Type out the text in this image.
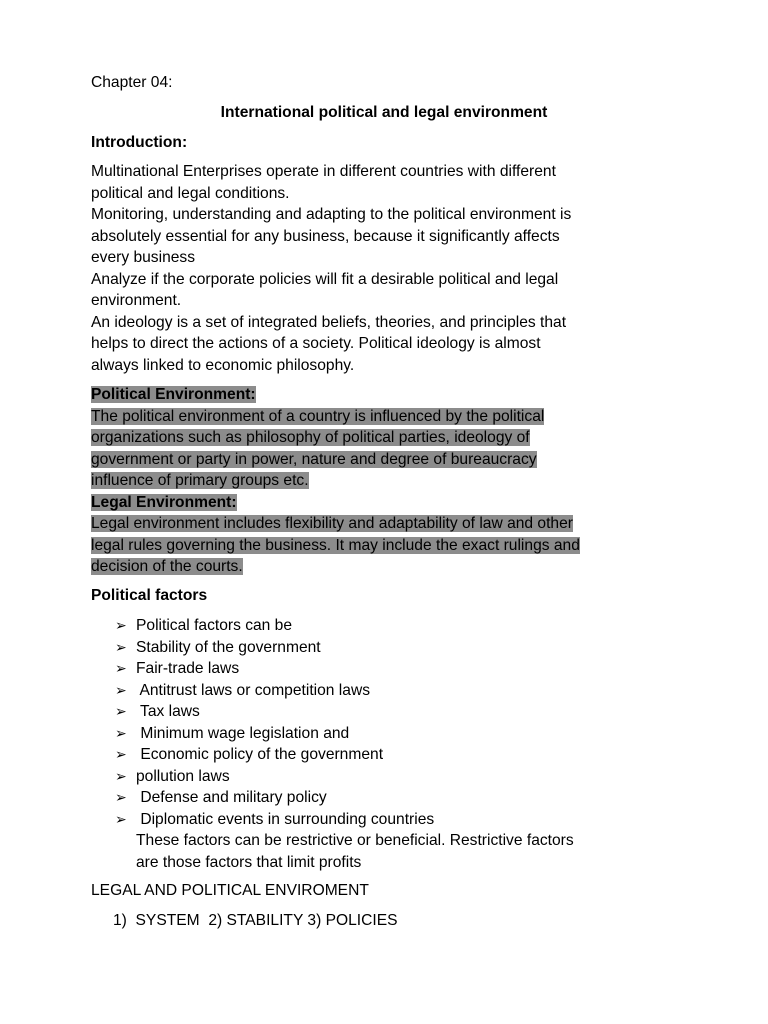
Chapter 04:
International political and legal environment
Introduction:
Multinational Enterprises operate in different countries with different
political and legal conditions.
Monitoring, understanding and adapting to the political environment is
absolutely essential for any business, because it significantly affects
every business
Analyze if the corporate policies will fit a desirable political and legal
environment.
An ideology is a set of integrated beliefs, theories, and principles that
helps to direct the actions of a society. Political ideology is almost
always linked to economic philosophy.
Political Environment:
The political environment of a country is influenced by the political
organizations such as philosophy of political parties, ideology of
government or party in power, nature and degree of bureaucracy
influence of primary groups etc.
Legal Environment:
Legal environment includes flexibility and adaptability of law and other
legal rules governing the business. It may include the exact rulings and
decision of the courts.
Political factors
➢ Political factors can be
➢ Stability of the government
➢ Fair-trade laws
➢ Antitrust laws or competition laws
➢ Tax laws
➢ Minimum wage legislation and
➢ Economic policy of the government
➢ pollution laws
➢ Defense and military policy
➢ Diplomatic events in surrounding countries
These factors can be restrictive or beneficial. Restrictive factors
are those factors that limit profits
LEGAL AND POLITICAL ENVIROMENT
1)  SYSTEM  2) STABILITY 3) POLICIES
